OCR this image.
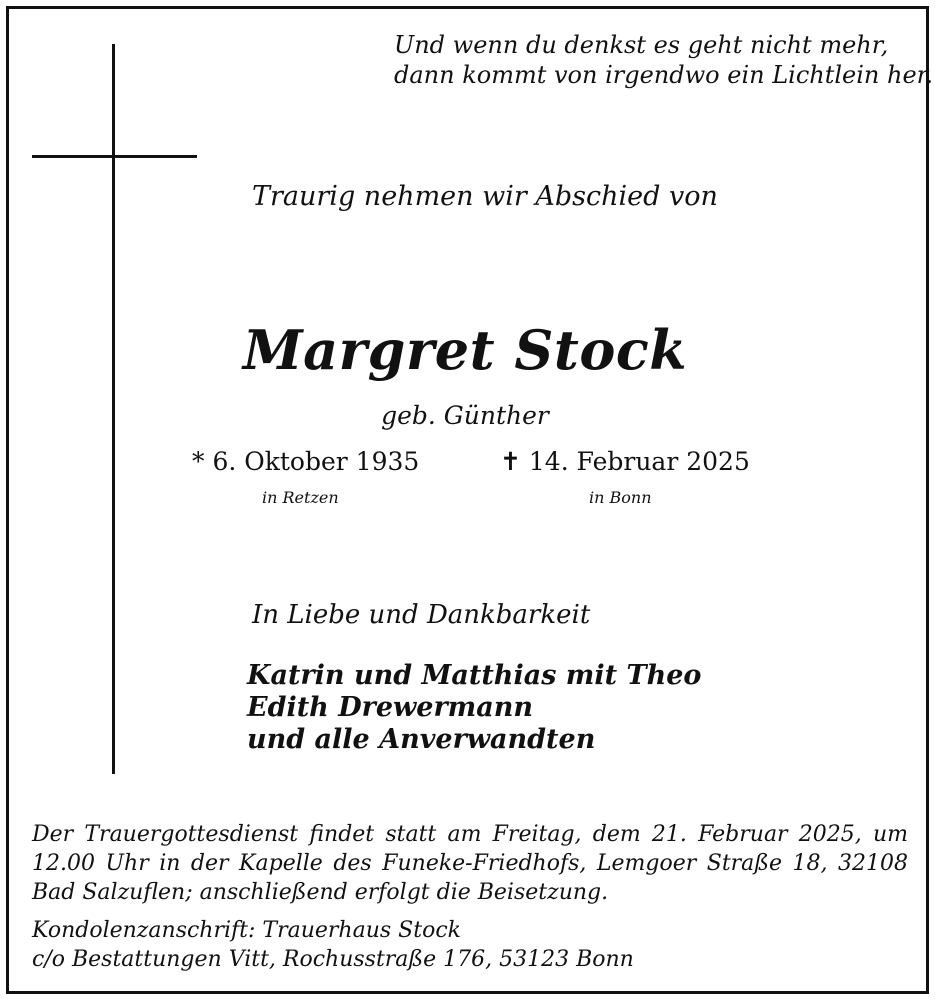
Und wenn du denkst es geht nicht mehr,
dann kommt von irgendwo ein Lichtlein her.
Traurig nehmen wir Abschied von
Margret Stock
geb. Günther
* 6. Oktober 1935
in Retzen
✝ 14. Februar 2025
in Bonn
In Liebe und Dankbarkeit
Katrin und Matthias mit Theo
Edith Drewermann
und alle Anverwandten
Der Trauergottesdienst findet statt am Freitag, dem 21. Februar 2025, um 12.00 Uhr in der Kapelle des Funeke-Friedhofs, Lemgoer Straße 18, 32108 Bad Salzuflen; anschließend erfolgt die Beisetzung.
Kondolenzanschrift: Trauerhaus Stock
c/o Bestattungen Vitt, Rochusstraße 176, 53123 Bonn
